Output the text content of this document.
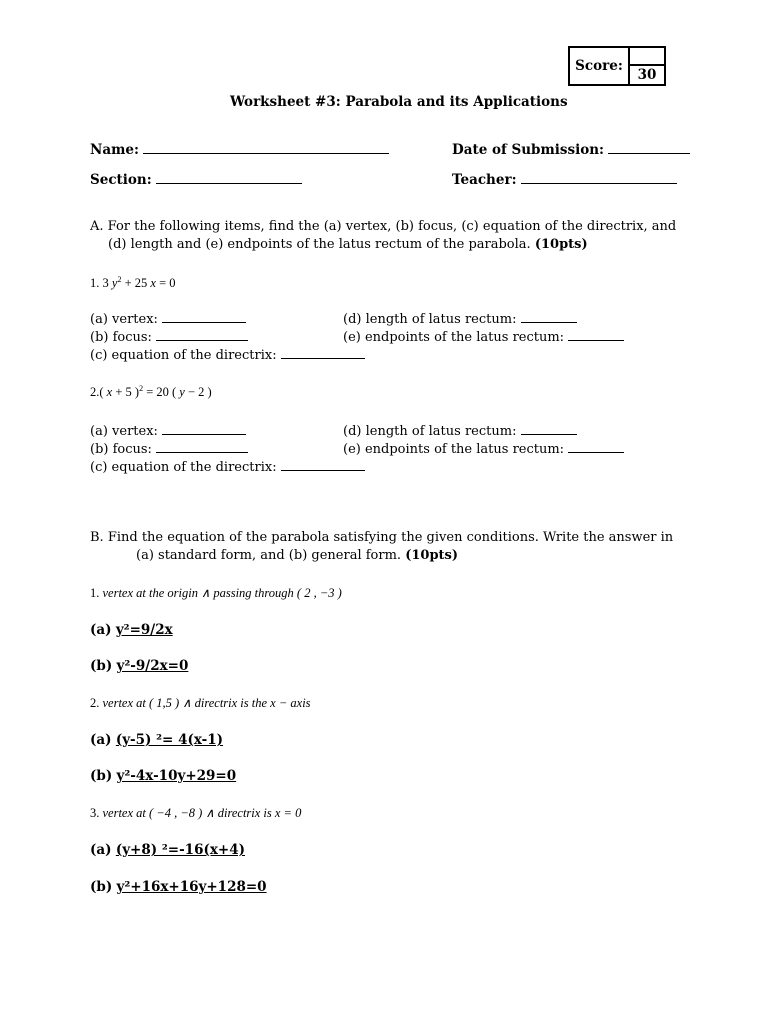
Score:
30
Worksheet #3: Parabola and its Applications
Name:	Date of Submission:
Section:	Teacher:
A. For the following items, find the (a) vertex, (b) focus, (c) equation of the directrix, and
(d) length and (e) endpoints of the latus rectum of the parabola. (10pts)
1. 3 $y^2 + 25$ x = 0
(a) vertex:
(b) focus:
(c) equation of the directrix:
(d) length of latus rectum:
(e) endpoints of the latus rectum:
2.( x + 5 )$^2$ = 20 ( y − 2 )
(a) vertex:
(b) focus:
(c) equation of the directrix:
(d) length of latus rectum:
(e) endpoints of the latus rectum:
B. Find the equation of the parabola satisfying the given conditions. Write the answer in
(a) standard form, and (b) general form. (10pts)
1. vertex at the origin ∧ passing through ( 2 , −3 )
(a) y²=9/2x
(b) y²-9/2x=0
2. vertex at ( 1,5 ) ∧ directrix is the x − axis
(a) (y-5) ²= 4(x-1)
(b) y²-4x-10y+29=0
3. vertex at ( −4 , −8 ) ∧ directrix is x = 0
(a) (y+8) ²=-16(x+4)
(b) y²+16x+16y+128=0
